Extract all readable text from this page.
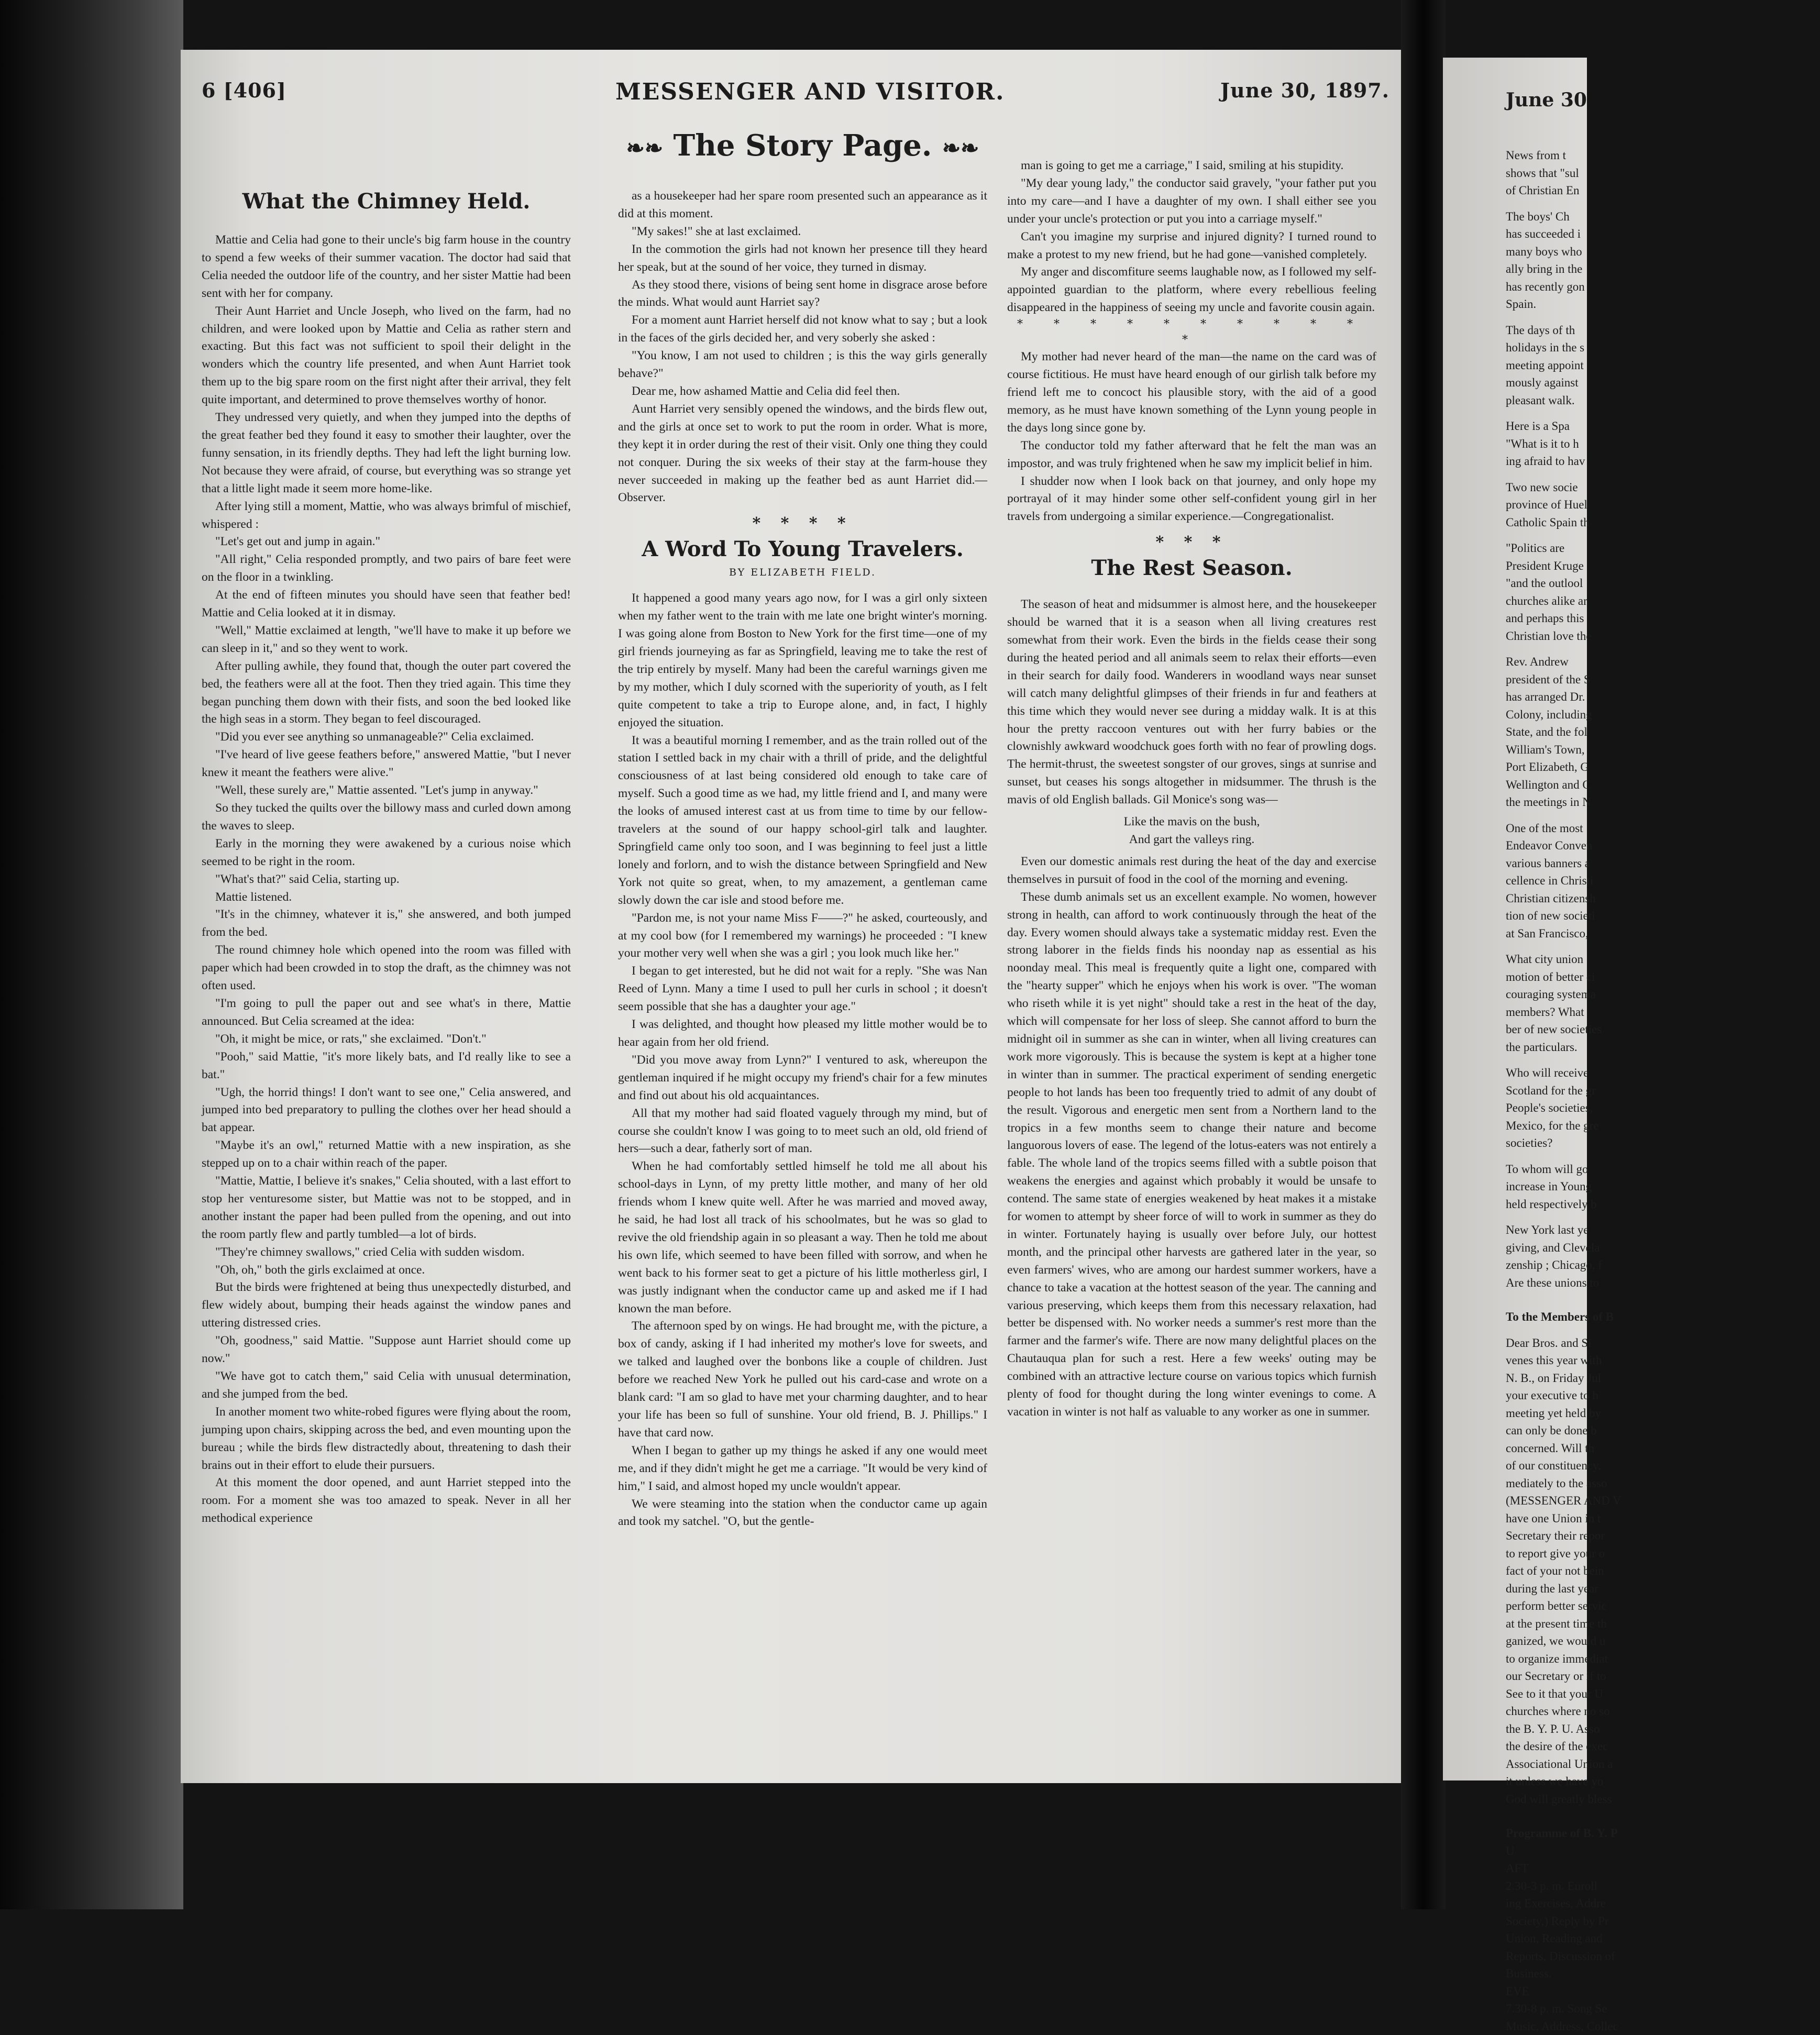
6 [406]	MESSENGER AND VISITOR.	June 30, 1897.
❧❧ The Story Page. ❧❧
What the Chimney Held.

Mattie and Celia had gone to their uncle's big farm house in the country to spend a few weeks of their summer vacation. The doctor had said that Celia needed the outdoor life of the country, and her sister Mattie had been sent with her for company.

Their Aunt Harriet and Uncle Joseph, who lived on the farm, had no children, and were looked upon by Mattie and Celia as rather stern and exacting. But this fact was not sufficient to spoil their delight in the wonders which the country life presented, and when Aunt Harriet took them up to the big spare room on the first night after their arrival, they felt quite important, and determined to prove themselves worthy of honor.

They undressed very quietly, and when they jumped into the depths of the great feather bed they found it easy to smother their laughter, over the funny sensation, in its friendly depths. They had left the light burning low. Not because they were afraid, of course, but everything was so strange yet that a little light made it seem more home-like.

After lying still a moment, Mattie, who was always brimful of mischief, whispered :

"Let's get out and jump in again."

"All right," Celia responded promptly, and two pairs of bare feet were on the floor in a twinkling.

At the end of fifteen minutes you should have seen that feather bed! Mattie and Celia looked at it in dismay.

"Well," Mattie exclaimed at length, "we'll have to make it up before we can sleep in it," and so they went to work.

After pulling awhile, they found that, though the outer part covered the bed, the feathers were all at the foot. Then they tried again. This time they began punching them down with their fists, and soon the bed looked like the high seas in a storm. They began to feel discouraged.

"Did you ever see anything so unmanageable?" Celia exclaimed.

"I've heard of live geese feathers before," answered Mattie, "but I never knew it meant the feathers were alive."

"Well, these surely are," Mattie assented. "Let's jump in anyway."

So they tucked the quilts over the billowy mass and curled down among the waves to sleep.

Early in the morning they were awakened by a curious noise which seemed to be right in the room.

"What's that?" said Celia, starting up.

Mattie listened.

"It's in the chimney, whatever it is," she answered, and both jumped from the bed.

The round chimney hole which opened into the room was filled with paper which had been crowded in to stop the draft, as the chimney was not often used.

"I'm going to pull the paper out and see what's in there, Mattie announced. But Celia screamed at the idea:

"Oh, it might be mice, or rats," she exclaimed. "Don't."

"Pooh," said Mattie, "it's more likely bats, and I'd really like to see a bat."

"Ugh, the horrid things! I don't want to see one," Celia answered, and jumped into bed preparatory to pulling the clothes over her head should a bat appear.

"Maybe it's an owl," returned Mattie with a new inspiration, as she stepped up on to a chair within reach of the paper.

"Mattie, Mattie, I believe it's snakes," Celia shouted, with a last effort to stop her venturesome sister, but Mattie was not to be stopped, and in another instant the paper had been pulled from the opening, and out into the room partly flew and partly tumbled—a lot of birds.

"They're chimney swallows," cried Celia with sudden wisdom.

"Oh, oh," both the girls exclaimed at once.

But the birds were frightened at being thus unexpectedly disturbed, and flew widely about, bumping their heads against the window panes and uttering distressed cries.

"Oh, goodness," said Mattie. "Suppose aunt Harriet should come up now."

"We have got to catch them," said Celia with unusual determination, and she jumped from the bed.

In another moment two white-robed figures were flying about the room, jumping upon chairs, skipping across the bed, and even mounting upon the bureau ; while the birds flew distractedly about, threatening to dash their brains out in their effort to elude their pursuers.

At this moment the door opened, and aunt Harriet stepped into the room. For a moment she was too amazed to speak. Never in all her methodical experience

as a housekeeper had her spare room presented such an appearance as it did at this moment.

"My sakes!" she at last exclaimed.

In the commotion the girls had not known her presence till they heard her speak, but at the sound of her voice, they turned in dismay.

As they stood there, visions of being sent home in disgrace arose before the minds. What would aunt Harriet say?

For a moment aunt Harriet herself did not know what to say ; but a look in the faces of the girls decided her, and very soberly she asked :

"You know, I am not used to children ; is this the way girls generally behave?"

Dear me, how ashamed Mattie and Celia did feel then.

Aunt Harriet very sensibly opened the windows, and the birds flew out, and the girls at once set to work to put the room in order. What is more, they kept it in order during the rest of their visit. Only one thing they could not conquer. During the six weeks of their stay at the farm-house they never succeeded in making up the feather bed as aunt Harriet did.—Observer.

* * * *
A Word To Young Travelers.
BY ELIZABETH FIELD.

It happened a good many years ago now, for I was a girl only sixteen when my father went to the train with me late one bright winter's morning. I was going alone from Boston to New York for the first time—one of my girl friends journeying as far as Springfield, leaving me to take the rest of the trip entirely by myself. Many had been the careful warnings given me by my mother, which I duly scorned with the superiority of youth, as I felt quite competent to take a trip to Europe alone, and, in fact, I highly enjoyed the situation.

It was a beautiful morning I remember, and as the train rolled out of the station I settled back in my chair with a thrill of pride, and the delightful consciousness of at last being considered old enough to take care of myself. Such a good time as we had, my little friend and I, and many were the looks of amused interest cast at us from time to time by our fellow-travelers at the sound of our happy school-girl talk and laughter. Springfield came only too soon, and I was beginning to feel just a little lonely and forlorn, and to wish the distance between Springfield and New York not quite so great, when, to my amazement, a gentleman came slowly down the car isle and stood before me.

"Pardon me, is not your name Miss F——?" he asked, courteously, and at my cool bow (for I remembered my warnings) he proceeded : "I knew your mother very well when she was a girl ; you look much like her."

I began to get interested, but he did not wait for a reply. "She was Nan Reed of Lynn. Many a time I used to pull her curls in school ; it doesn't seem possible that she has a daughter your age."

I was delighted, and thought how pleased my little mother would be to hear again from her old friend.

"Did you move away from Lynn?" I ventured to ask, whereupon the gentleman inquired if he might occupy my friend's chair for a few minutes and find out about his old acquaintances.

All that my mother had said floated vaguely through my mind, but of course she couldn't know I was going to to meet such an old, old friend of hers—such a dear, fatherly sort of man.

When he had comfortably settled himself he told me all about his school-days in Lynn, of my pretty little mother, and many of her old friends whom I knew quite well. After he was married and moved away, he said, he had lost all track of his schoolmates, but he was so glad to revive the old friendship again in so pleasant a way. Then he told me about his own life, which seemed to have been filled with sorrow, and when he went back to his former seat to get a picture of his little motherless girl, I was justly indignant when the conductor came up and asked me if I had known the man before.

The afternoon sped by on wings. He had brought me, with the picture, a box of candy, asking if I had inherited my mother's love for sweets, and we talked and laughed over the bonbons like a couple of children. Just before we reached New York he pulled out his card-case and wrote on a blank card: "I am so glad to have met your charming daughter, and to hear your life has been so full of sunshine. Your old friend, B. J. Phillips." I have that card now.

When I began to gather up my things he asked if any one would meet me, and if they didn't might he get me a carriage. "It would be very kind of him," I said, and almost hoped my uncle wouldn't appear.

We were steaming into the station when the conductor came up again and took my satchel. "O, but the gentle-

man is going to get me a carriage," I said, smiling at his stupidity.

"My dear young lady," the conductor said gravely, "your father put you into my care—and I have a daughter of my own. I shall either see you under your uncle's protection or put you into a carriage myself."

Can't you imagine my surprise and injured dignity? I turned round to make a protest to my new friend, but he had gone—vanished completely.

My anger and discomfiture seems laughable now, as I followed my self-appointed guardian to the platform, where every rebellious feeling disappeared in the happiness of seeing my uncle and favorite cousin again.

* * * * * * * * * * *

My mother had never heard of the man—the name on the card was of course fictitious. He must have heard enough of our girlish talk before my friend left me to concoct his plausible story, with the aid of a good memory, as he must have known something of the Lynn young people in the days long since gone by.

The conductor told my father afterward that he felt the man was an impostor, and was truly frightened when he saw my implicit belief in him.

I shudder now when I look back on that journey, and only hope my portrayal of it may hinder some other self-confident young girl in her travels from undergoing a similar experience.—Congregationalist.

* * *
The Rest Season.

The season of heat and midsummer is almost here, and the housekeeper should be warned that it is a season when all living creatures rest somewhat from their work. Even the birds in the fields cease their song during the heated period and all animals seem to relax their efforts—even in their search for daily food. Wanderers in woodland ways near sunset will catch many delightful glimpses of their friends in fur and feathers at this time which they would never see during a midday walk. It is at this hour the pretty raccoon ventures out with her furry babies or the clownishly awkward woodchuck goes forth with no fear of prowling dogs. The hermit-thrust, the sweetest songster of our groves, sings at sunrise and sunset, but ceases his songs altogether in midsummer. The thrush is the mavis of old English ballads. Gil Monice's song was—

Like the mavis on the bush,

And gart the valleys ring.

Even our domestic animals rest during the heat of the day and exercise themselves in pursuit of food in the cool of the morning and evening.

These dumb animals set us an excellent example. No women, however strong in health, can afford to work continuously through the heat of the day. Every women should always take a systematic midday rest. Even the strong laborer in the fields finds his noonday nap as essential as his noonday meal. This meal is frequently quite a light one, compared with the "hearty supper" which he enjoys when his work is over. "The woman who riseth while it is yet night" should take a rest in the heat of the day, which will compensate for her loss of sleep. She cannot afford to burn the midnight oil in summer as she can in winter, when all living creatures can work more vigorously. This is because the system is kept at a higher tone in winter than in summer. The practical experiment of sending energetic people to hot lands has been too frequently tried to admit of any doubt of the result. Vigorous and energetic men sent from a Northern land to the tropics in a few months seem to change their nature and become languorous lovers of ease. The legend of the lotus-eaters was not entirely a fable. The whole land of the tropics seems filled with a subtle poison that weakens the energies and against which probably it would be unsafe to contend. The same state of energies weakened by heat makes it a mistake for women to attempt by sheer force of will to work in summer as they do in winter. Fortunately haying is usually over before July, our hottest month, and the principal other harvests are gathered later in the year, so even farmers' wives, who are among our hardest summer workers, have a chance to take a vacation at the hottest season of the year. The canning and various preserving, which keeps them from this necessary relaxation, had better be dispensed with. No worker needs a summer's rest more than the farmer and the farmer's wife. There are now many delightful places on the Chautauqua plan for such a rest. Here a few weeks' outing may be combined with an attractive lecture course on various topics which furnish plenty of food for thought during the long winter evenings to come. A vacation in winter is not half as valuable to any worker as one in summer.

June 30

News from t

shows that "sul

of Christian En

The boys' Ch

has succeeded i

many boys who

ally bring in the

has recently gon

Spain.

The days of th

holidays in the s

meeting appoint

mously against

pleasant walk.

Here is a Spa

"What is it to h

ing afraid to hav

Two new socie

province of Huel

Catholic Spain th

"Politics are

President Kruge

"and the outlool

churches alike ar

and perhaps this

Christian love the

Rev. Andrew

president of the S

has arranged Dr.

Colony, including

State, and the fol

William's Town,

Port Elizabeth, G

Wellington and C

the meetings in N

One of the most

Endeavor Conven

various banners a

cellence in Christi

Christian citizensh

tion of new societi

at San Francisco,

What city union

motion of better ci

couraging systema

members? What

ber of new societies

the particulars.

Who will receive

Scotland for the gr

People's societies,

Mexico, for the gre

societies?

To whom will go

increase in Young

held respectively b

New York last ye

giving, and Clevela

zenship ; Chicago, f

Are these unions to

To the Members of B

Dear Bros. and Si

venes this year with

N. B., on Friday Jul

your executive to h

meeting yet held by

can only be done b

concerned. Will th

of our constituency,

mediately to the asso

(MESSENGER AND V

have one Union in t

Secretary their repor

to report give your o

fact of your not bein

during the last year

perform better servic

at the present time th

ganized, we would u

to organize immediat

our Secretary or if to

See to it that your U

churches where no so

the B. Y. P. U. Asso

the desire of the exec

Associational Union a

it unless we have yo

God will greatly bless

Programme of B. Y. P

U

AFT

2.30-3 p. m. Euroll

ing Exercises, Addre

Society,) Reply by Pr

Union, Reading and

Reports, Discussion of

Business.

EVE

7.30-8 p. m. Song Se

Music, Address, Collec
